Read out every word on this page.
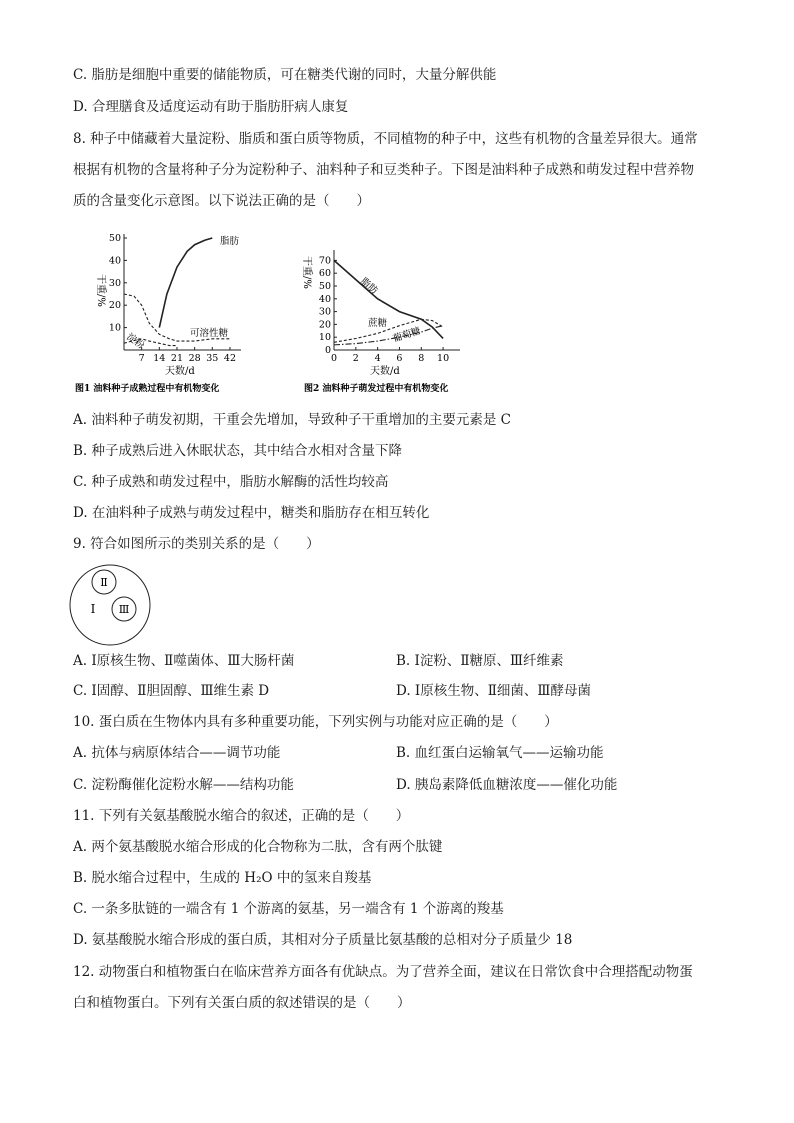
C. 脂肪是细胞中重要的储能物质，可在糖类代谢的同时，大量分解供能
D. 合理膳食及适度运动有助于脂肪肝病人康复
8. 种子中储藏着大量淀粉、脂质和蛋白质等物质，不同植物的种子中，这些有机物的含量差异很大。通常
根据有机物的含量将种子分为淀粉种子、油料种子和豆类种子。下图是油料种子成熟和萌发过程中营养物
质的含量变化示意图。以下说法正确的是（　　）
10
20
30
40
50
7 14 21 28 35 42
脂肪
可溶性糖
淀粉
干重/%
天数/d
图1 油料种子成熟过程中有机物变化
0
10
20
30
40
50
60
70
0 2 4 6 8 10
脂肪
蔗糖
葡萄糖
干重/%
天数/d
图2 油料种子萌发过程中有机物变化
A. 油料种子萌发初期，干重会先增加，导致种子干重增加的主要元素是 C
B. 种子成熟后进入休眠状态，其中结合水相对含量下降
C. 种子成熟和萌发过程中，脂肪水解酶的活性均较高
D. 在油料种子成熟与萌发过程中，糖类和脂肪存在相互转化
9. 符合如图所示的类别关系的是（　　）
Ⅱ
Ⅰ Ⅲ
A. Ⅰ原核生物、Ⅱ噬菌体、Ⅲ大肠杆菌	B. Ⅰ淀粉、Ⅱ糖原、Ⅲ纤维素
C. Ⅰ固醇、Ⅱ胆固醇、Ⅲ维生素 D	D. Ⅰ原核生物、Ⅱ细菌、Ⅲ酵母菌
10. 蛋白质在生物体内具有多种重要功能，下列实例与功能对应正确的是（　　）
A. 抗体与病原体结合——调节功能	B. 血红蛋白运输氧气——运输功能
C. 淀粉酶催化淀粉水解——结构功能	D. 胰岛素降低血糖浓度——催化功能
11. 下列有关氨基酸脱水缩合的叙述，正确的是（　　）
A. 两个氨基酸脱水缩合形成的化合物称为二肽，含有两个肽键
B. 脱水缩合过程中，生成的 H₂O 中的氢来自羧基
C. 一条多肽链的一端含有 1 个游离的氨基，另一端含有 1 个游离的羧基
D. 氨基酸脱水缩合形成的蛋白质，其相对分子质量比氨基酸的总相对分子质量少 18
12. 动物蛋白和植物蛋白在临床营养方面各有优缺点。为了营养全面，建议在日常饮食中合理搭配动物蛋
白和植物蛋白。下列有关蛋白质的叙述错误的是（　　）
